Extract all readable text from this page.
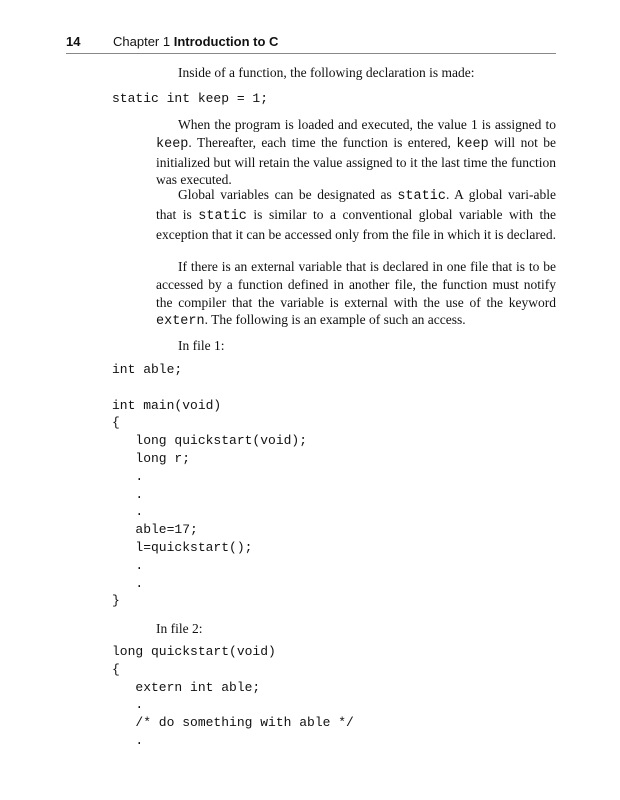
14	Chapter 1 Introduction to C

Inside of a function, the following declaration is made:

static int keep = 1;

When the program is loaded and executed, the value 1 is assigned to keep. Thereafter, each time the function is entered, keep will not be initialized but will retain the value assigned to it the last time the function was executed.

Global variables can be designated as static. A global vari-able that is static is similar to a conventional global variable with the exception that it can be accessed only from the file in which it is declared.

If there is an external variable that is declared in one file that is to be accessed by a function defined in another file, the function must notify the compiler that the variable is external with the use of the keyword extern. The following is an example of such an access.

In file 1:

int able;

int main(void)
{
long quickstart(void);
long r;
.
.
.
able=17;
l=quickstart();
.
.
}

In file 2:

long quickstart(void)
{
extern int able;
.
/* do something with able */
.
